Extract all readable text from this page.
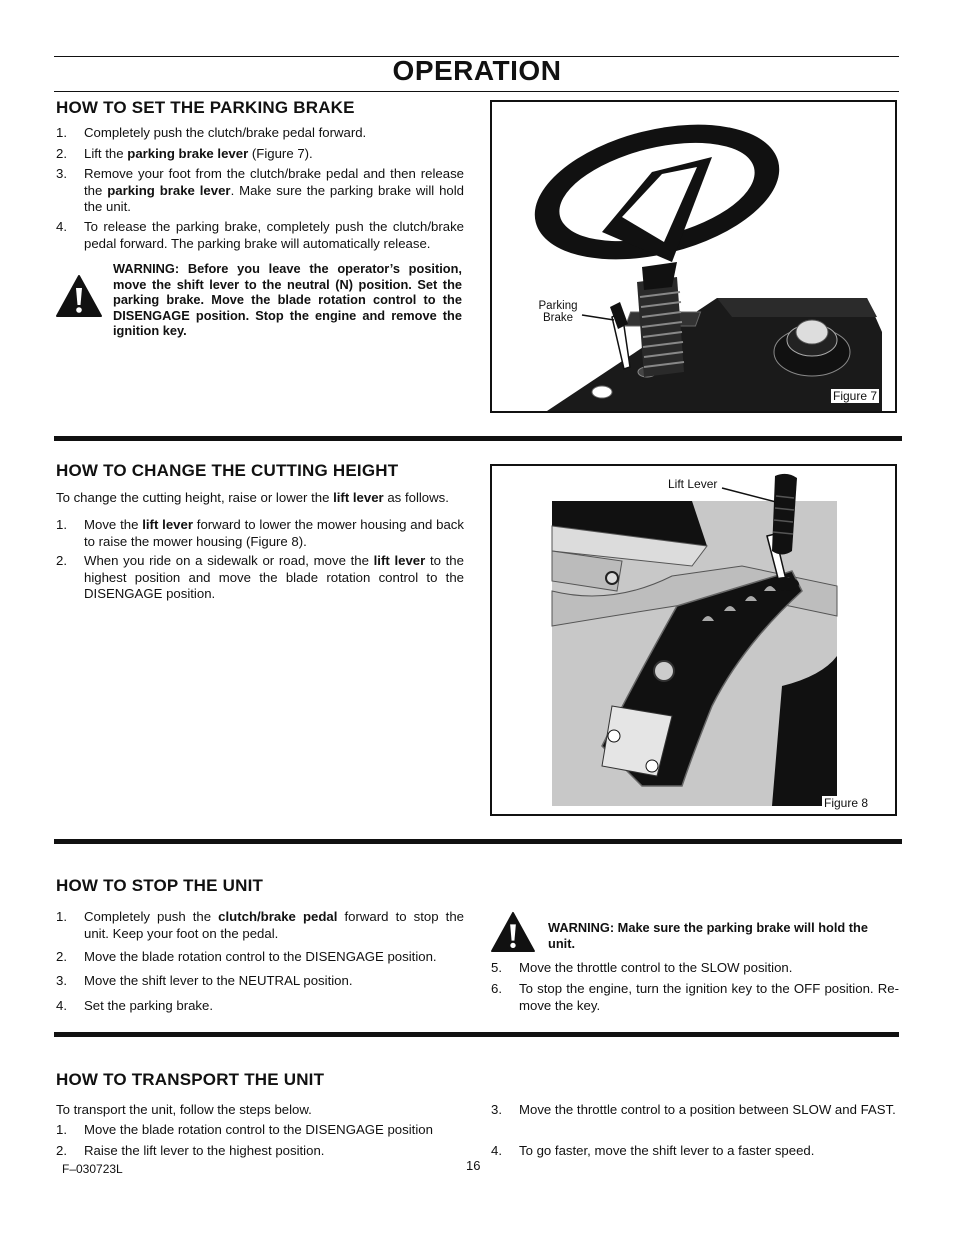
OPERATION
HOW TO SET THE PARKING BRAKE
1. Completely push the clutch/brake pedal forward.
2. Lift the parking brake lever (Figure 7).
3. Remove your foot from the clutch/brake pedal and then release the parking brake lever. Make sure the parking brake will hold the unit.
4. To release the parking brake, completely push the clutch/brake pedal forward. The parking brake will automatically release.
WARNING: Before you leave the operator’s position, move the shift lever to the neutral (N) position. Set the parking brake. Move the blade rotation control to the DISENGAGE position. Stop the engine and remove the ignition key.
Parking Brake
Figure 7
HOW TO CHANGE THE CUTTING HEIGHT
To change the cutting height, raise or lower the lift lever as follows.
1. Move the lift lever forward to lower the mower housing and back to raise the mower housing (Figure 8).
2. When you ride on a sidewalk or road, move the lift lever to the highest position and move the blade rotation control to the DISENGAGE position.
Lift Lever
Figure 8
HOW TO STOP THE UNIT
1. Completely push the clutch/brake pedal forward to stop the unit. Keep your foot on the pedal.
2. Move the blade rotation control to the DISENGAGE position.
3. Move the shift lever to the NEUTRAL position.
4. Set the parking brake.
WARNING: Make sure the parking brake will hold the unit.
5. Move the throttle control to the SLOW position.
6. To stop the engine, turn the ignition key to the OFF position. Re-move the key.
HOW TO TRANSPORT THE UNIT
To transport the unit, follow the steps below.
1. Move the blade rotation control to the DISENGAGE position
2. Raise the lift lever to the highest position.
3. Move the throttle control to a position between SLOW and FAST.
4. To go faster, move the shift lever to a faster speed.
F–030723L	16
